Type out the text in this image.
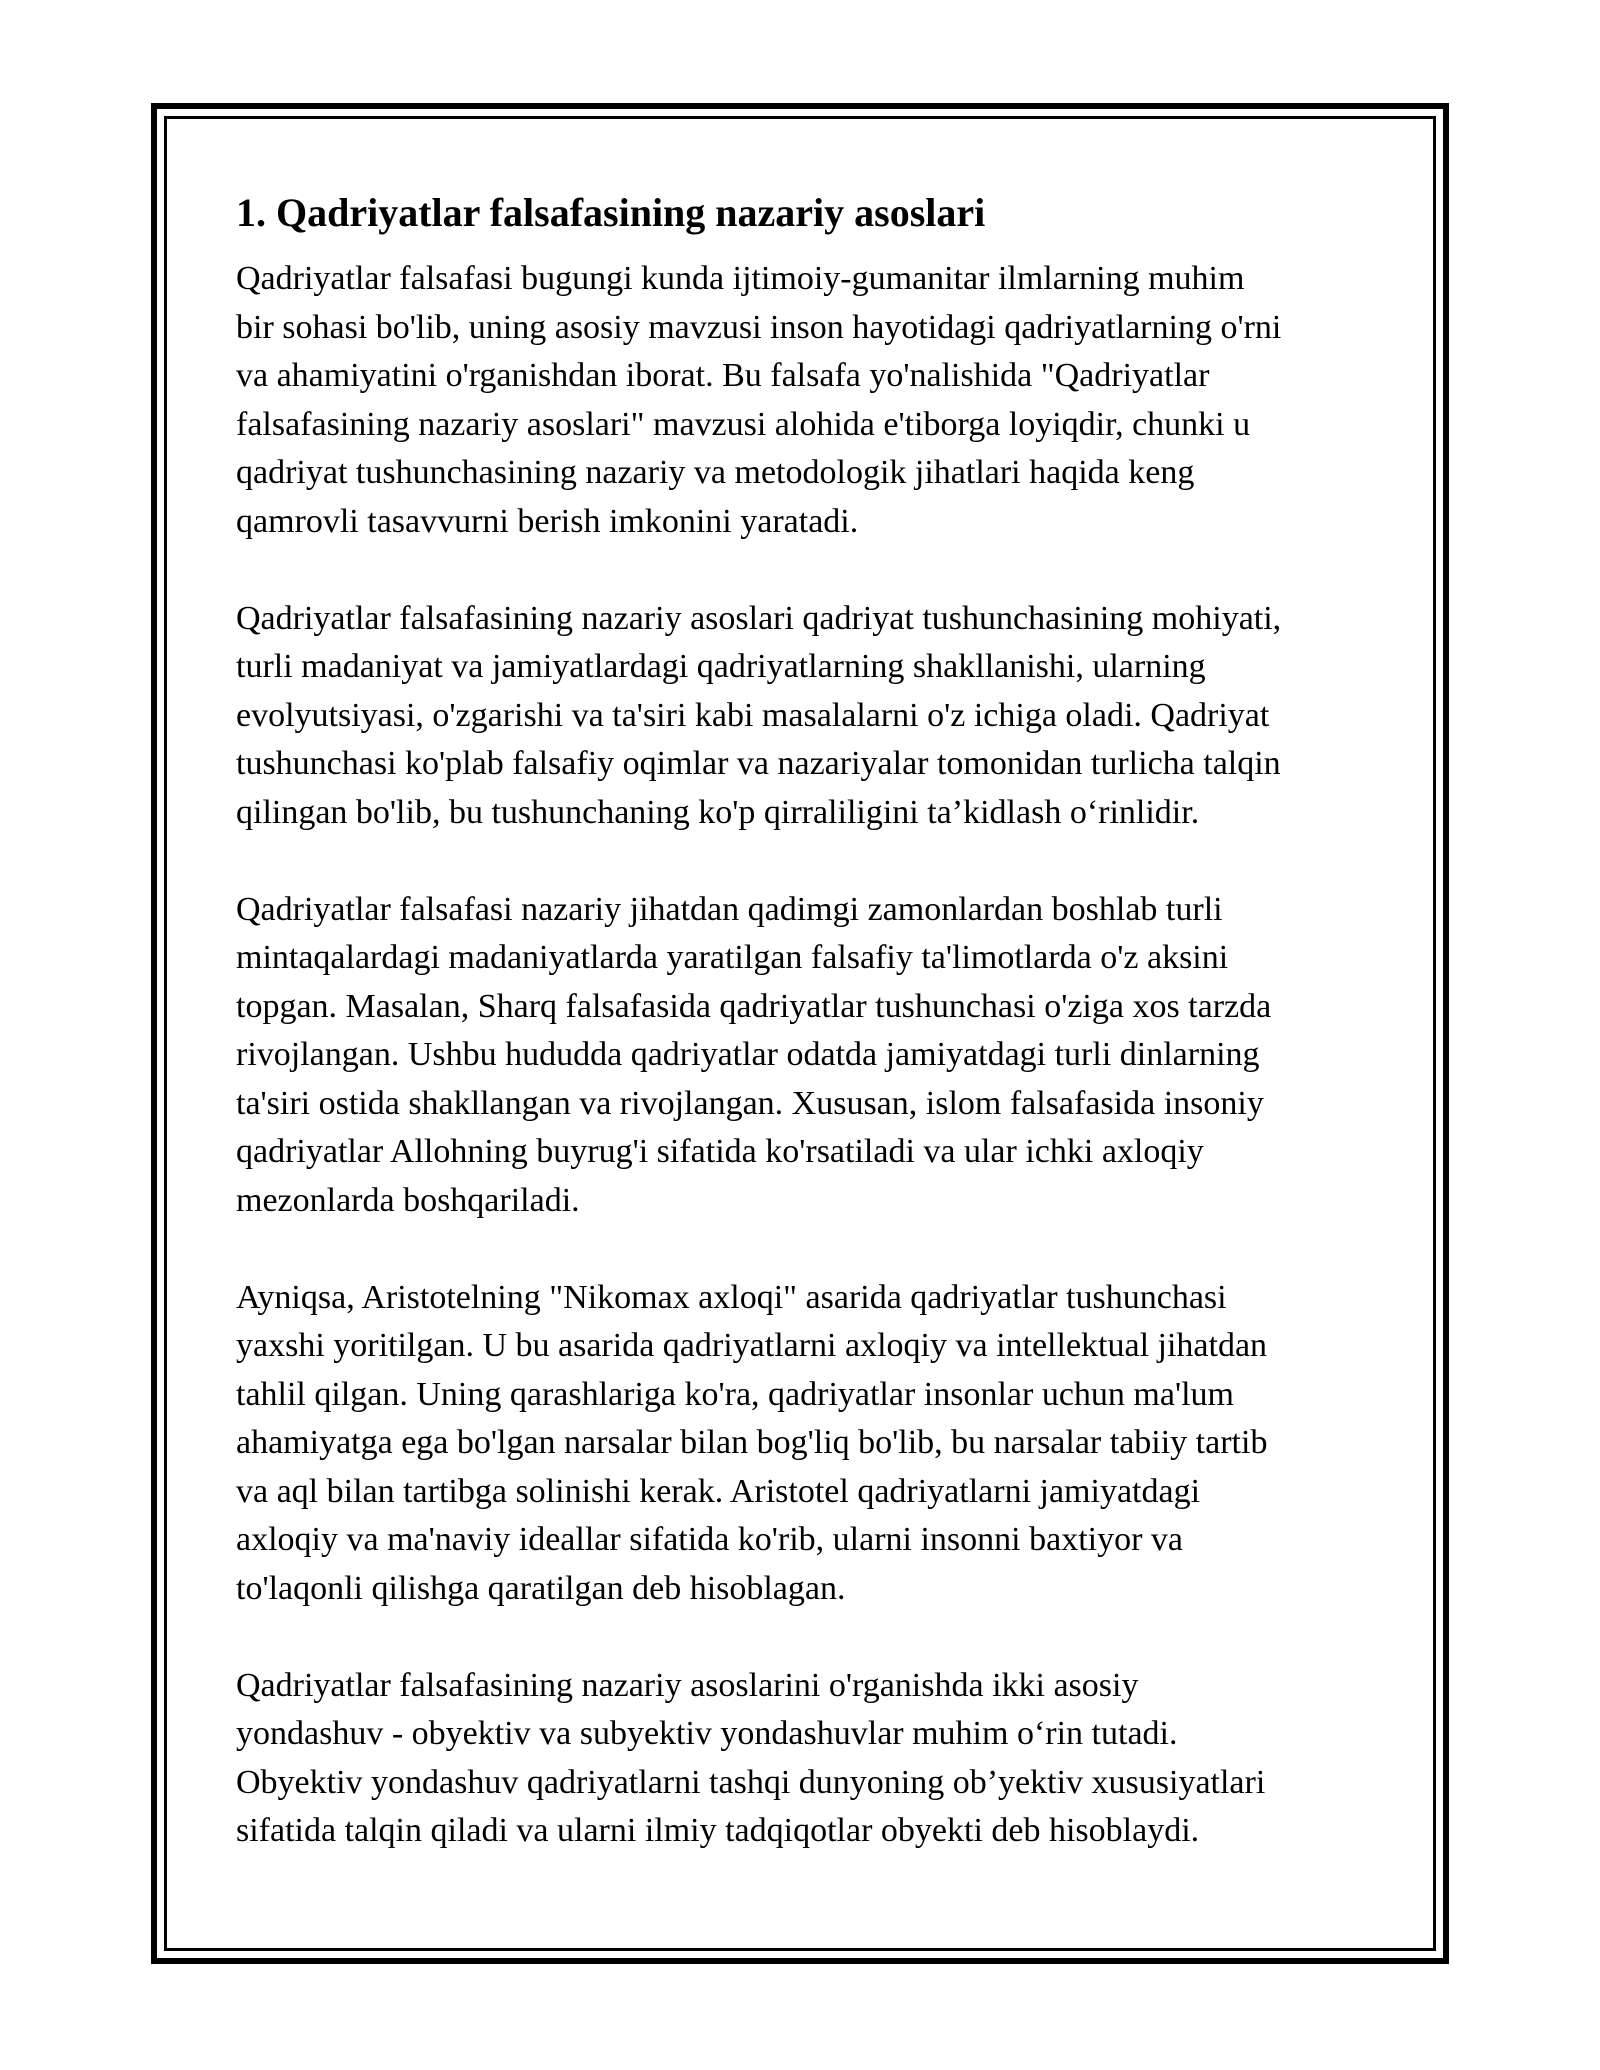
1. Qadriyatlar falsafasining nazariy asoslari

Qadriyatlar falsafasi bugungi kunda ijtimoiy-gumanitar ilmlarning muhim
bir sohasi bo'lib, uning asosiy mavzusi inson hayotidagi qadriyatlarning o'rni
va ahamiyatini o'rganishdan iborat. Bu falsafa yo'nalishida "Qadriyatlar
falsafasining nazariy asoslari" mavzusi alohida e'tiborga loyiqdir, chunki u
qadriyat tushunchasining nazariy va metodologik jihatlari haqida keng
qamrovli tasavvurni berish imkonini yaratadi.

Qadriyatlar falsafasining nazariy asoslari qadriyat tushunchasining mohiyati,
turli madaniyat va jamiyatlardagi qadriyatlarning shakllanishi, ularning
evolyutsiyasi, o'zgarishi va ta'siri kabi masalalarni o'z ichiga oladi. Qadriyat
tushunchasi ko'plab falsafiy oqimlar va nazariyalar tomonidan turlicha talqin
qilingan bo'lib, bu tushunchaning ko'p qirraliligini ta’kidlash o‘rinlidir.

Qadriyatlar falsafasi nazariy jihatdan qadimgi zamonlardan boshlab turli
mintaqalardagi madaniyatlarda yaratilgan falsafiy ta'limotlarda o'z aksini
topgan. Masalan, Sharq falsafasida qadriyatlar tushunchasi o'ziga xos tarzda
rivojlangan. Ushbu hududda qadriyatlar odatda jamiyatdagi turli dinlarning
ta'siri ostida shakllangan va rivojlangan. Xususan, islom falsafasida insoniy
qadriyatlar Allohning buyrug'i sifatida ko'rsatiladi va ular ichki axloqiy
mezonlarda boshqariladi.

Ayniqsa, Aristotelning "Nikomax axloqi" asarida qadriyatlar tushunchasi
yaxshi yoritilgan. U bu asarida qadriyatlarni axloqiy va intellektual jihatdan
tahlil qilgan. Uning qarashlariga ko'ra, qadriyatlar insonlar uchun ma'lum
ahamiyatga ega bo'lgan narsalar bilan bog'liq bo'lib, bu narsalar tabiiy tartib
va aql bilan tartibga solinishi kerak. Aristotel qadriyatlarni jamiyatdagi
axloqiy va ma'naviy ideallar sifatida ko'rib, ularni insonni baxtiyor va
to'laqonli qilishga qaratilgan deb hisoblagan.

Qadriyatlar falsafasining nazariy asoslarini o'rganishda ikki asosiy
yondashuv - obyektiv va subyektiv yondashuvlar muhim o‘rin tutadi.
Obyektiv yondashuv qadriyatlarni tashqi dunyoning ob’yektiv xususiyatlari
sifatida talqin qiladi va ularni ilmiy tadqiqotlar obyekti deb hisoblaydi.
